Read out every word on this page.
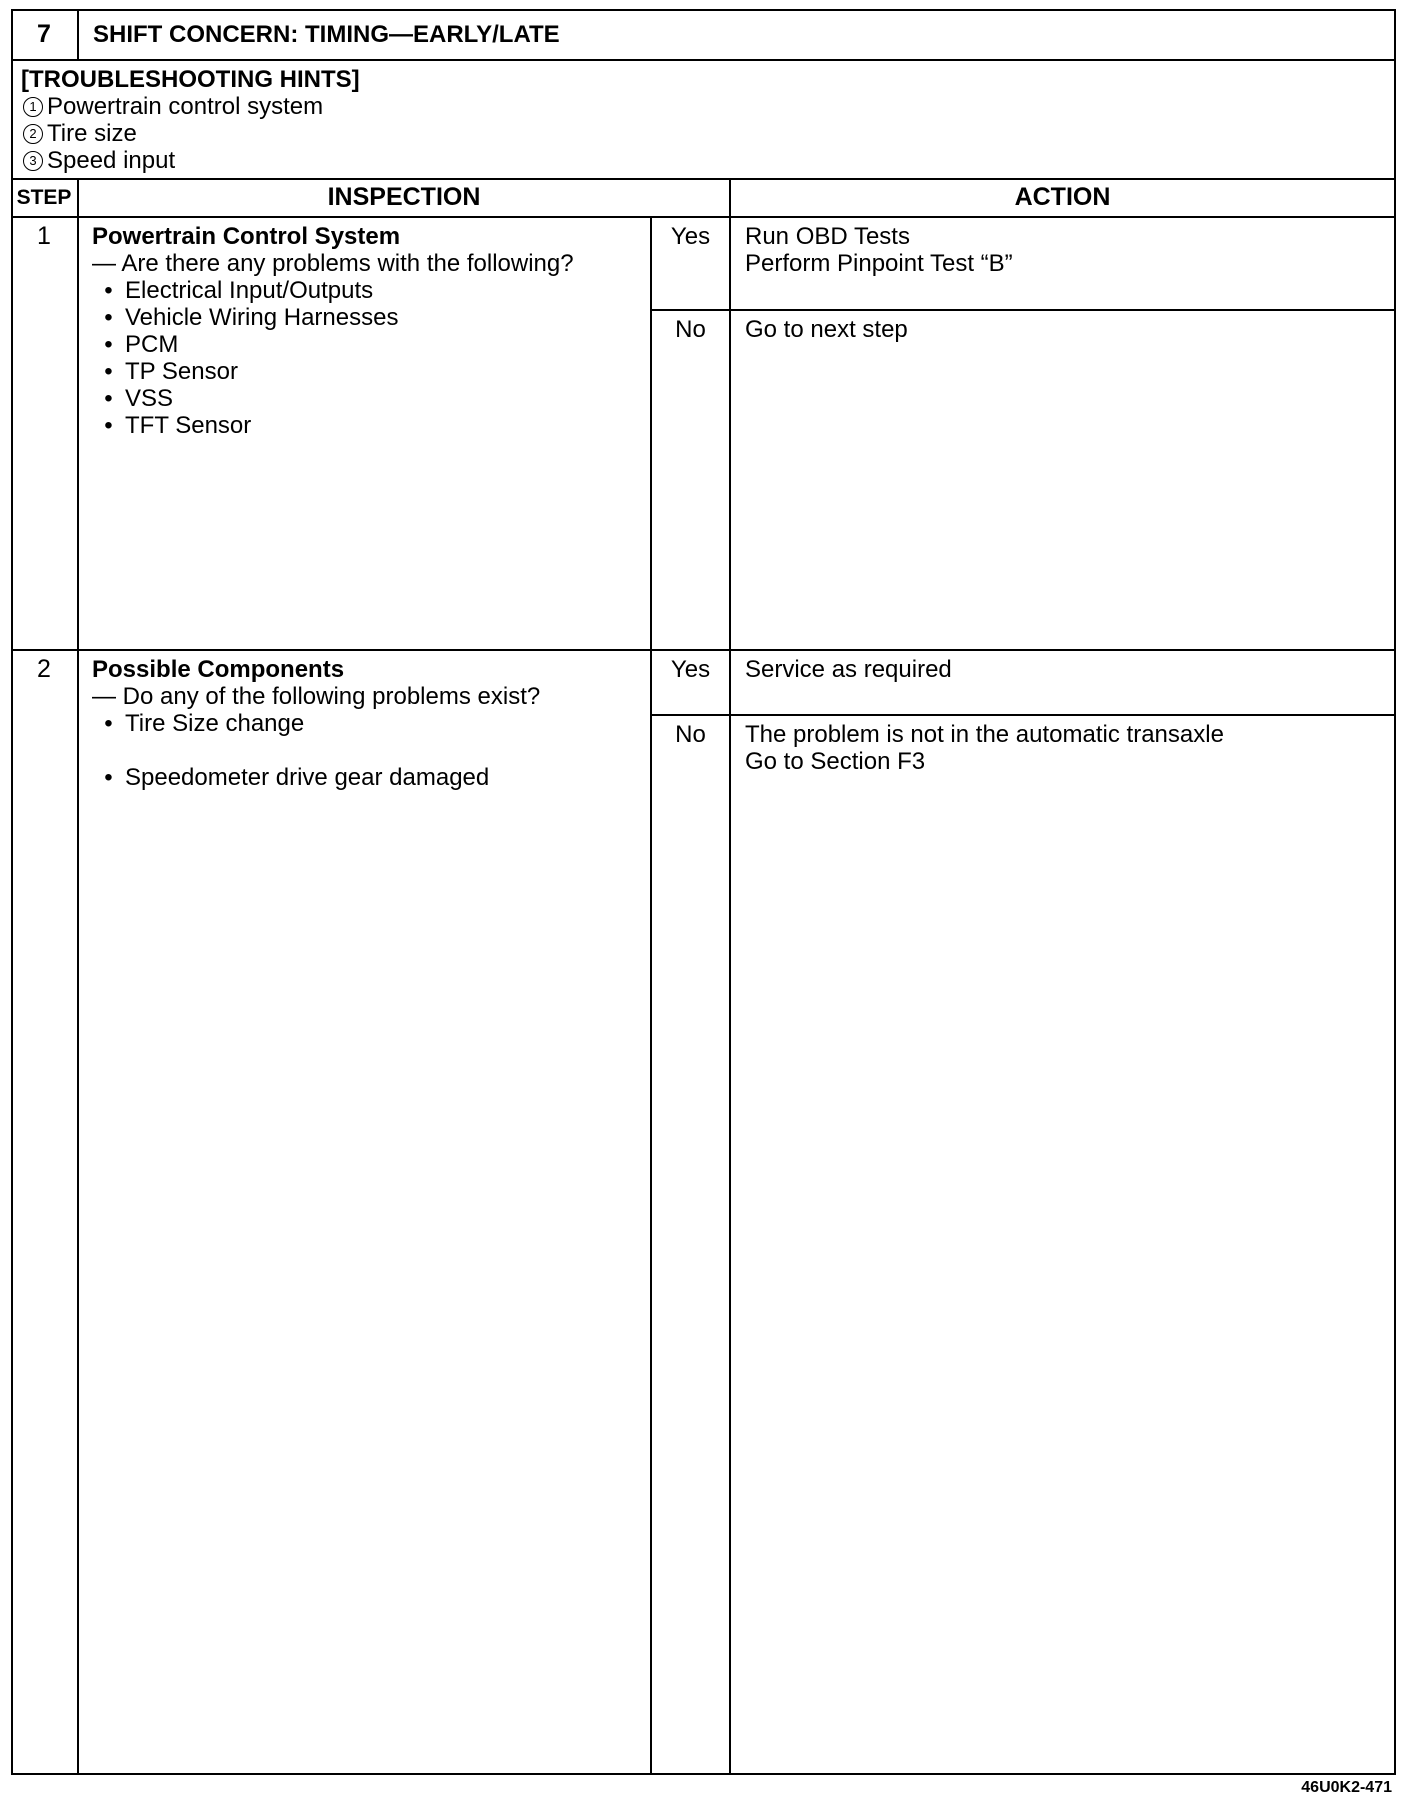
7	SHIFT CONCERN: TIMING—EARLY/LATE
[TROUBLESHOOTING HINTS]
1 Powertrain control system
2 Tire size
3 Speed input
STEP	INSPECTION	ACTION
1	Powertrain Control System
— Are there any problems with the following?
• Electrical Input/Outputs
• Vehicle Wiring Harnesses
• PCM
• TP Sensor
• VSS
• TFT Sensor
Yes	Run OBD Tests
Perform Pinpoint Test “B”
No	Go to next step
2	Possible Components
— Do any of the following problems exist?
• Tire Size change
• Speedometer drive gear damaged
Yes	Service as required
No	The problem is not in the automatic transaxle
Go to Section F3
46U0K2-471
